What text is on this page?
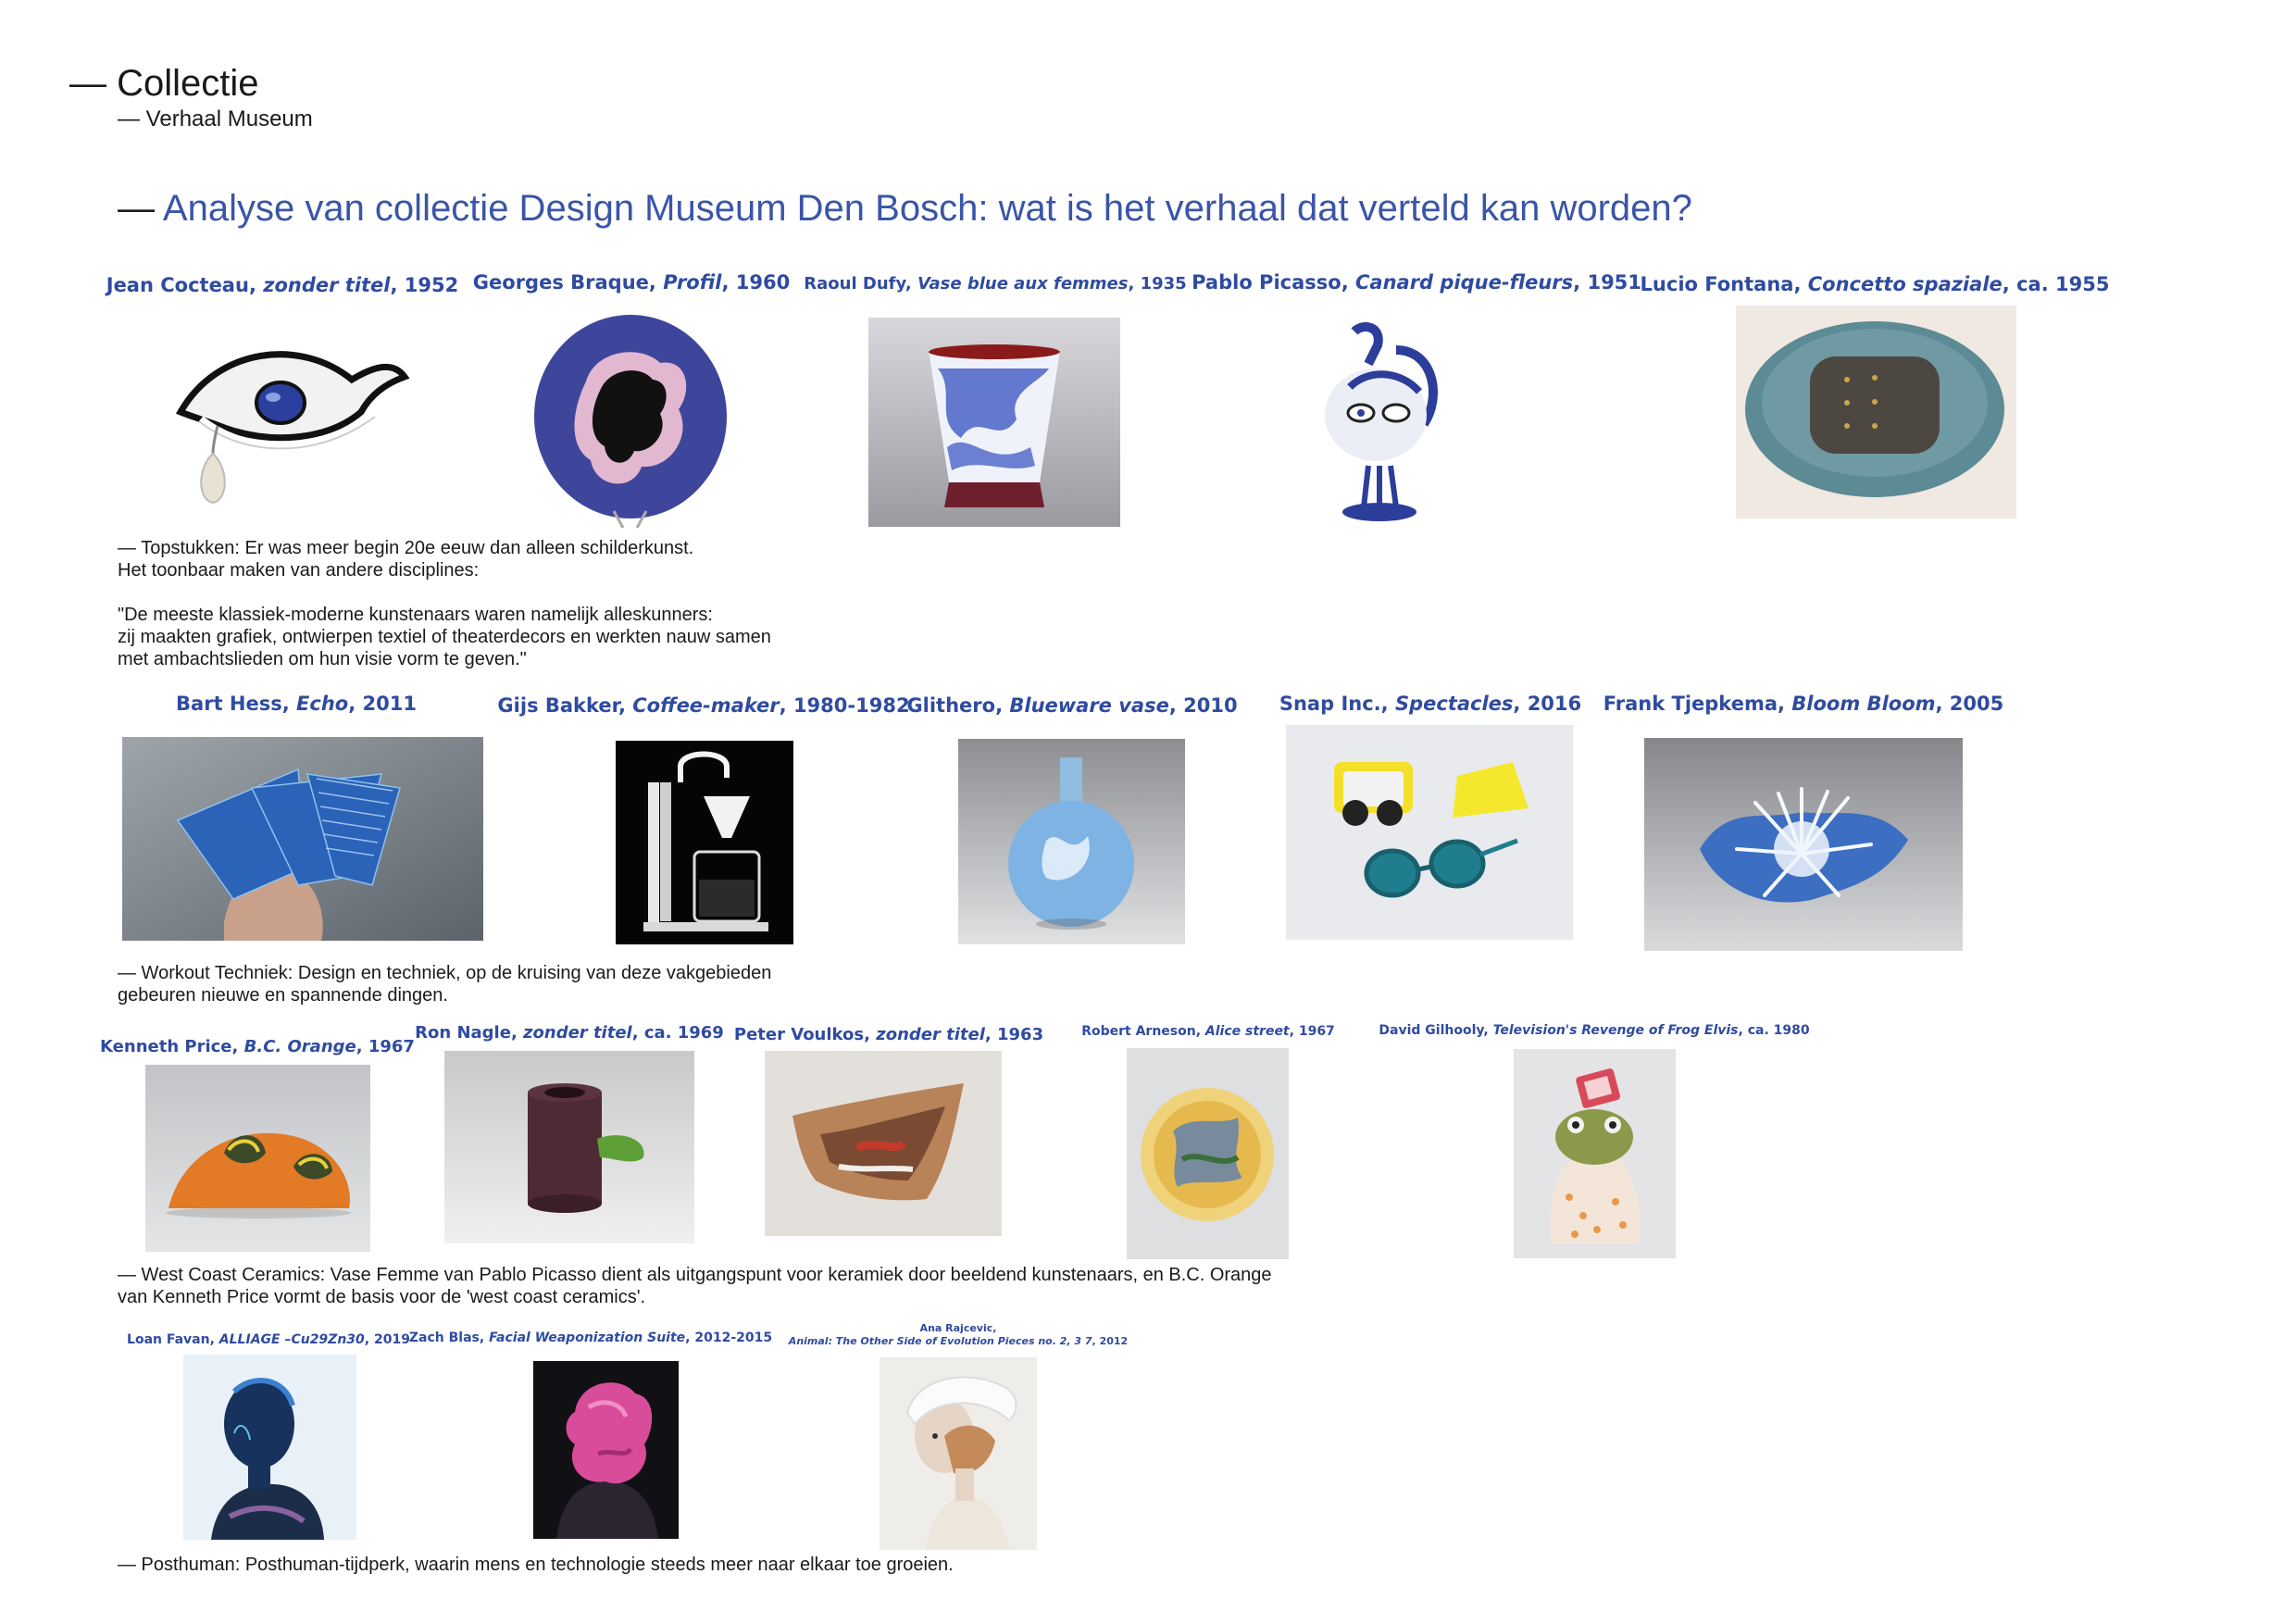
— Collectie
— Verhaal Museum
— Analyse van collectie Design Museum Den Bosch: wat is het verhaal dat verteld kan worden?
Jean Cocteau, zonder titel, 1952 Georges Braque, Profil, 1960 Raoul Dufy, Vase blue aux femmes, 1935 Pablo Picasso, Canard pique-fleurs, 1951
Lucio Fontana, Concetto spaziale, ca. 1955
— Topstukken: Er was meer begin 20e eeuw dan alleen schilderkunst.
Het toonbaar maken van andere disciplines:
"De meeste klassiek-moderne kunstenaars waren namelijk alleskunners:
zij maakten grafiek, ontwierpen textiel of theaterdecors en werkten nauw samen
met ambachtslieden om hun visie vorm te geven."
Bart Hess, Echo, 2011	Gijs Bakker, Coffee-maker, 1980-1982
Glithero, Blueware vase, 2010 Snap Inc., Spectacles, 2016 Frank Tjepkema, Bloom Bloom, 2005
— Workout Techniek: Design en techniek, op de kruising van deze vakgebieden
gebeuren nieuwe en spannende dingen.
Kenneth Price, B.C. Orange, 1967
Ron Nagle, zonder titel, ca. 1969 Peter Voulkos, zonder titel, 1963	Robert Arneson, Alice street, 1967	David Gilhooly, Television's Revenge of Frog Elvis, ca. 1980
— West Coast Ceramics: Vase Femme van Pablo Picasso dient als uitgangspunt voor keramiek door beeldend kunstenaars, en B.C. Orange
van Kenneth Price vormt de basis voor de 'west coast ceramics'.
Loan Favan, ALLIAGE –Cu29Zn30, 2019
Zach Blas, Facial Weaponization Suite, 2012-2015
Ana Rajcevic,
Animal: The Other Side of Evolution Pieces no. 2, 3 7, 2012
— Posthuman: Posthuman-tijdperk, waarin mens en technologie steeds meer naar elkaar toe groeien.
